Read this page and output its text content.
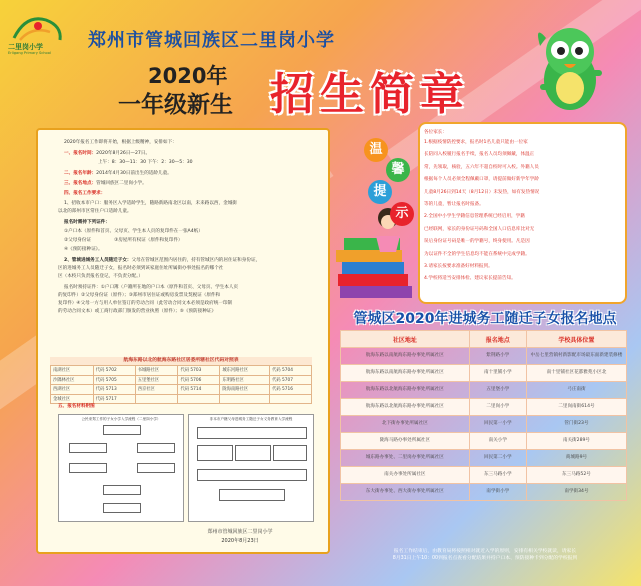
二里岗小学
Erligang Primary School
郑州市管城回族区二里岗小学
2020年
一年级新生 招生简章
2020年报名工作即将开始，根据上级精神，安排如下：
一、报名时间：2020年8月26日—27日。
上午：8：30—11：30 下午：2：30—5：30
二、报名年龄：2014年4月30日前出生的适龄儿童。
三、报名地点：管城回族区二里岗小学。
四、报名工作要求：
1、招收本市户口：服务区入学适龄学生，随路新路南北区以南，未来路以西，金城街
以北的郑州市区常住户口适龄儿童。
报名时需持下列证件：
①户口本（原件和首页、父母页、学生本人页的复印件在一张A4纸）
②父母身份证　　　　　	③房屋所有权证（原件和复印件）
④《预防接种证》。
2、管城进城务工人员随迁子女：父母在管城区范围内居住的，持有管城区内的居住证和身份证，
区的进城务工人员随迁子女，报名时必须到该家庭住址所属街办事处报名的哪个社
区（本校只负责报名登记，不负责分配。）
报名时须持证件：①户口簿（户籍所在地的户口本（原件和首页、父母页、学生本人页
的复印件）②父母身份证（原件）；③郑州市居住证或购房发票及契税证（原件和
复印件）④父母一方与用人单位签订的劳动合同（此劳动合同文本必须是政府统一印制
的劳动合同文本）或工商行政部门颁发的营业执照（原件）；⑤《预防接种证》
航海东路以北的航海东路社区居委所辖社区代码对照表
南湖社区	代码 5702	书城路社区	代码 5703	城东河路社区	代码 5704
沙隅林社区	代码 5705	五里堡社区	代码 5706	东明路社区	代码 5707
西湖社区	代码 5713	西京社区	代码 5714	陇海南路社区	代码 5716
金城社区	代码 5717				
五、报名材料附图
公民来郑工作的子女小学入学流程（二里岗小学）	非本市户籍父母进城务工随迁子女义务教育入学流程
郑州市管城回族区二里岗小学
2020年8月23日
温
馨
提
示
各位家长：
1.根据疫情防控要求，报名时1名儿童只能由一位家
长陪同入校履行报名手续，报名人员均须佩戴，体温正
常，先领取，核验，五六年不超自校时可入校。外籍人员
根据每个人员必须全程佩戴口罩，请提前做好新学年学龄
儿童8月26日到14天（8月12日）未发热，如有发热情况
等的儿童，暂让报名时报备。
2.全国中小学生学籍信息管理系统已经启用，学籍
已经联网，家长的身份证号码和全国人口信息库比对无
误后身份证号码是唯一的学籍号，终身使用。凡是因
为以证件不全的学生信息均不能在系统中完成学籍。
3.请家长按要求准备好材料报到。
4.学校将适当安排体检、建议家长提前告知。
管城区2020年进城务工随迁子女报名地点
社区地址	报名地点	学校具体位置
航海东路以南航海东路办事处所属社区	紫荆路小学	中岳七里营镇村新影配市场最东面新建装修楼
航海东路以南航海东路办事处所属社区	南十里铺小学	南十里铺社区花都雅苑小区北
航海东路以北航海东路办事处所属社区	五里堡小学	弓庄南街
航海东路以北航海东路办事处所属社区	二里岗小学	二里岗南街614号
北下街办事处所属社区	回民第一小学	管门街23号
陇海马路办事处所属社区	南关小学	南关街289号
城东路办事处、二里岗办事处所属社区	回民第二小学	商城路9号
南关办事处所属社区	东三马路小学	东三马路52号
东大街办事处、西大街办事处所属社区	南学街小学	南学街34号
报名工作结束后，由教育局将按照相对就近入学的原则，安排有相关学校就读，请家长
8月31日上午10：00到报名点查看分配结果并持户口本、预防接种卡到分配的学校报到
